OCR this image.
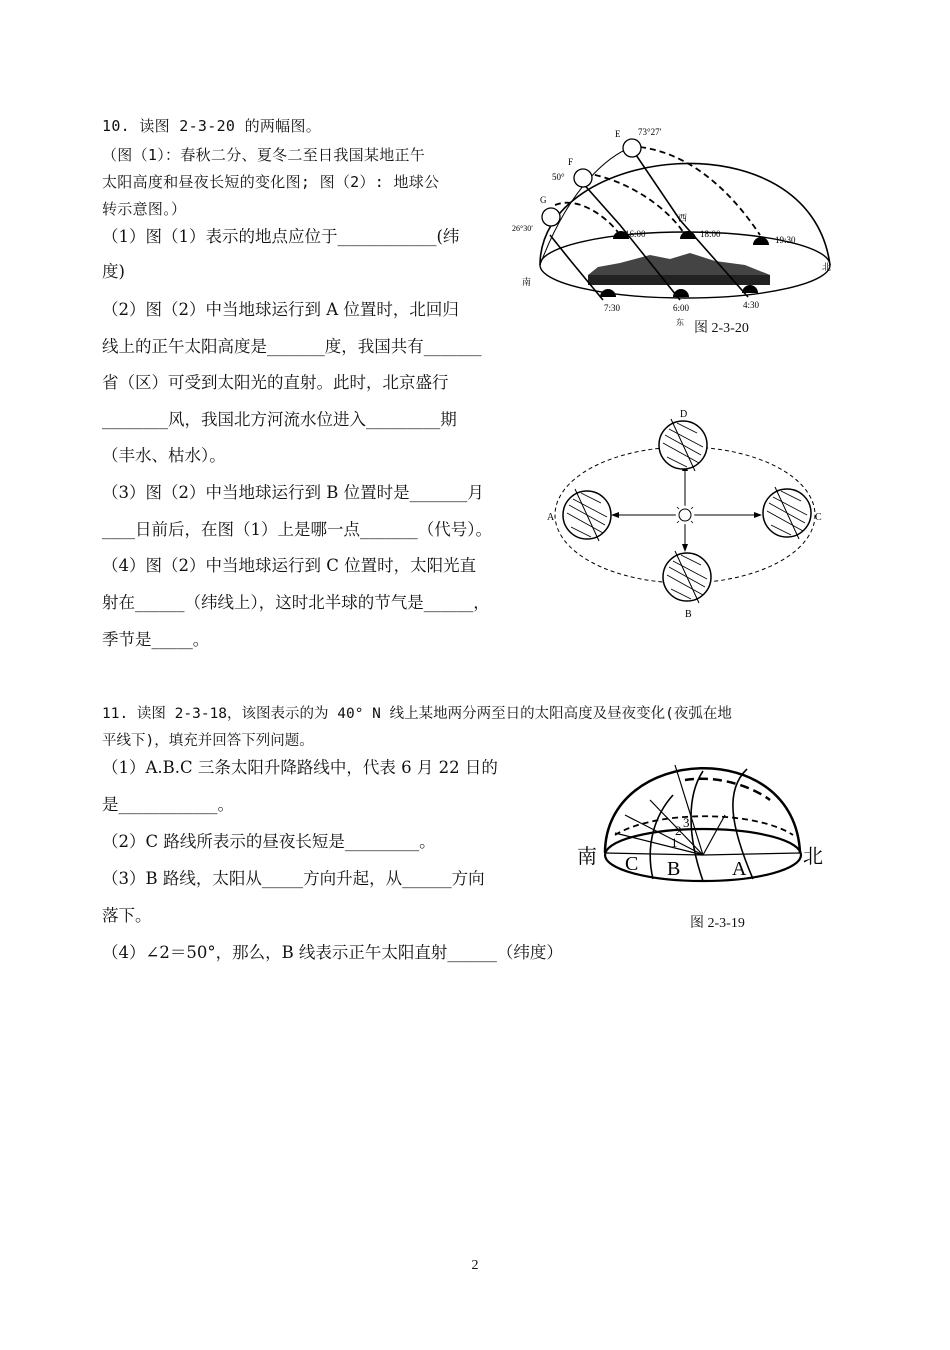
10. 读图 2-3-20 的两幅图。
（图（1）：春秋二分、夏冬二至日我国某地正午
太阳高度和昼夜长短的变化图; 图（2）: 地球公
转示意图。）
（1）图（1）表示的地点应位于____________(纬
度)
（2）图（2）中当地球运行到 A 位置时，北回归
线上的正午太阳高度是_______度，我国共有_______
省（区）可受到太阳光的直射。此时，北京盛行
________风，我国北方河流水位进入_________期
（丰水、枯水）。
（3）图（2）中当地球运行到 B 位置时是_______月
____日前后，在图（1）上是哪一点_______（代号）。
（4）图（2）中当地球运行到 C 位置时，太阳光直
射在______（纬线上），这时北半球的节气是______，
季节是_____。
E 73°27′
F
50°
G
26°30′
16:00
西
18:00
19:30
南
北
7:30	6:00	4:30
东 图 2-3-20
D
A	C
B
11. 读图 2-3-18，该图表示的为 40° N 线上某地两分两至日的太阳高度及昼夜变化(夜弧在地
平线下)，填充并回答下列问题。
（1）A.B.C 三条太阳升降路线中，代表 6 月 22 日的
是____________。
（2）C 路线所表示的昼夜长短是_________。
（3）B 路线，太阳从_____方向升起，从______方向
落下。
（4）∠2＝50°，那么，B 线表示正午太阳直射______（纬度）
1
2
3
C B	A
南	北
图 2-3-19
2
